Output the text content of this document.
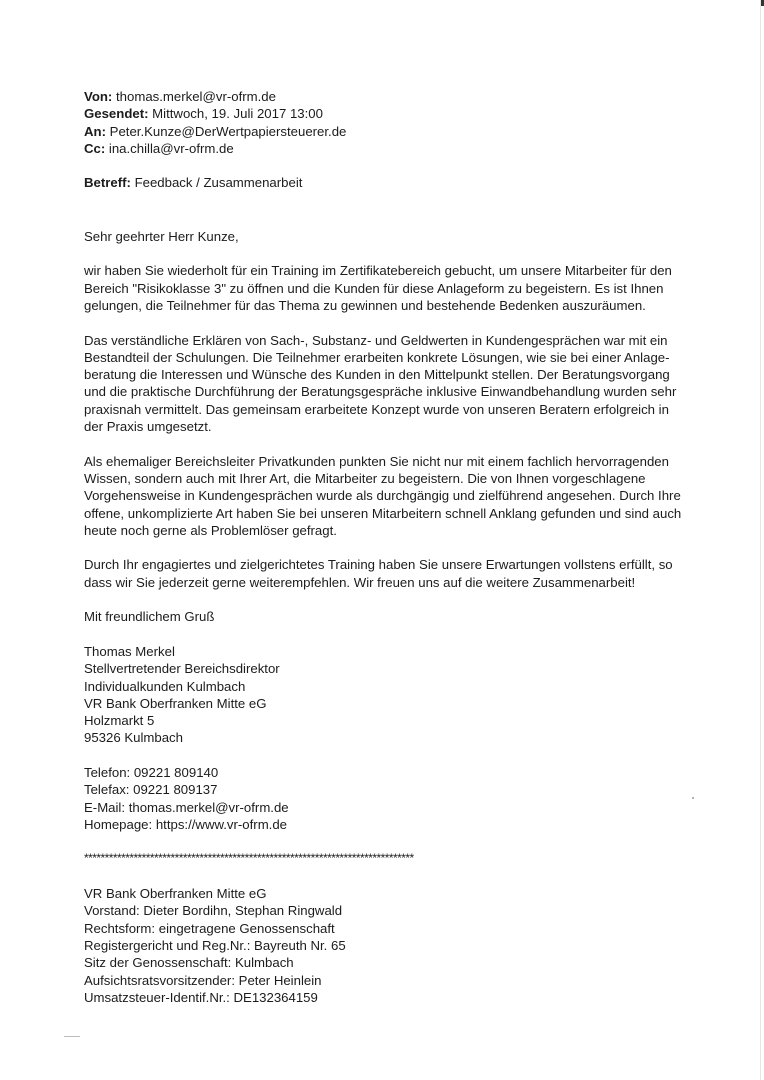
Von: thomas.merkel@vr-ofrm.de
Gesendet: Mittwoch, 19. Juli 2017 13:00
An: Peter.Kunze@DerWertpapiersteuerer.de
Cc: ina.chilla@vr-ofrm.de
Betreff: Feedback / Zusammenarbeit
Sehr geehrter Herr Kunze,
wir haben Sie wiederholt für ein Training im Zertifikatebereich gebucht, um unsere Mitarbeiter für den
Bereich "Risikoklasse 3" zu öffnen und die Kunden für diese Anlageform zu begeistern. Es ist Ihnen
gelungen, die Teilnehmer für das Thema zu gewinnen und bestehende Bedenken auszuräumen.
Das verständliche Erklären von Sach-, Substanz- und Geldwerten in Kundengesprächen war mit ein
Bestandteil der Schulungen. Die Teilnehmer erarbeiten konkrete Lösungen, wie sie bei einer Anlage-
beratung die Interessen und Wünsche des Kunden in den Mittelpunkt stellen. Der Beratungsvorgang
und die praktische Durchführung der Beratungsgespräche inklusive Einwandbehandlung wurden sehr
praxisnah vermittelt. Das gemeinsam erarbeitete Konzept wurde von unseren Beratern erfolgreich in
der Praxis umgesetzt.
Als ehemaliger Bereichsleiter Privatkunden punkten Sie nicht nur mit einem fachlich hervorragenden
Wissen, sondern auch mit Ihrer Art, die Mitarbeiter zu begeistern. Die von Ihnen vorgeschlagene
Vorgehensweise in Kundengesprächen wurde als durchgängig und zielführend angesehen. Durch Ihre
offene, unkomplizierte Art haben Sie bei unseren Mitarbeitern schnell Anklang gefunden und sind auch
heute noch gerne als Problemlöser gefragt.
Durch Ihr engagiertes und zielgerichtetes Training haben Sie unsere Erwartungen vollstens erfüllt, so
dass wir Sie jederzeit gerne weiterempfehlen. Wir freuen uns auf die weitere Zusammenarbeit!
Mit freundlichem Gruß
Thomas Merkel
Stellvertretender Bereichsdirektor
Individualkunden Kulmbach
VR Bank Oberfranken Mitte eG
Holzmarkt 5
95326 Kulmbach
Telefon: 09221 809140
Telefax: 09221 809137
E-Mail: thomas.merkel@vr-ofrm.de
Homepage: https://www.vr-ofrm.de
********************************************************************************
VR Bank Oberfranken Mitte eG
Vorstand: Dieter Bordihn, Stephan Ringwald
Rechtsform: eingetragene Genossenschaft
Registergericht und Reg.Nr.: Bayreuth Nr. 65
Sitz der Genossenschaft: Kulmbach
Aufsichtsratsvorsitzender: Peter Heinlein
Umsatzsteuer-Identif.Nr.: DE132364159
